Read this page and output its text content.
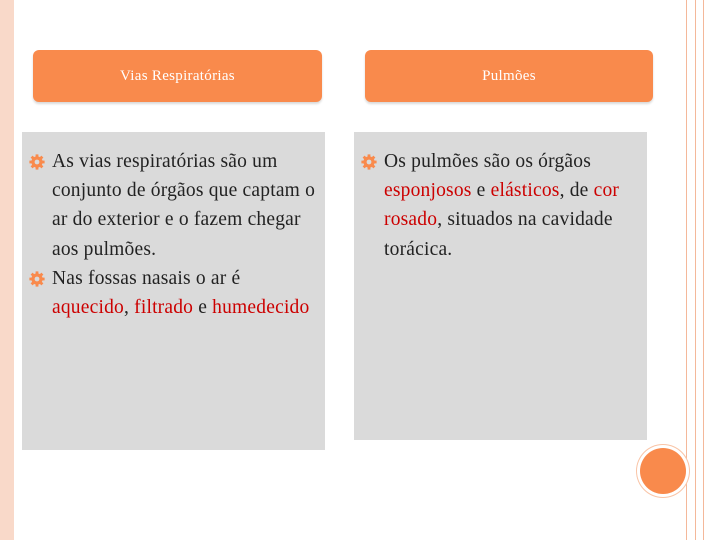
Vias Respiratórias	Pulmões
As vias respiratórias são um conjunto de órgãos que captam o ar do exterior e o fazem chegar aos pulmões.
Nas fossas nasais o ar é aquecido, filtrado e humedecido
Os pulmões são os órgãos esponjosos e elásticos, de cor rosado, situados na cavidade torácica.
